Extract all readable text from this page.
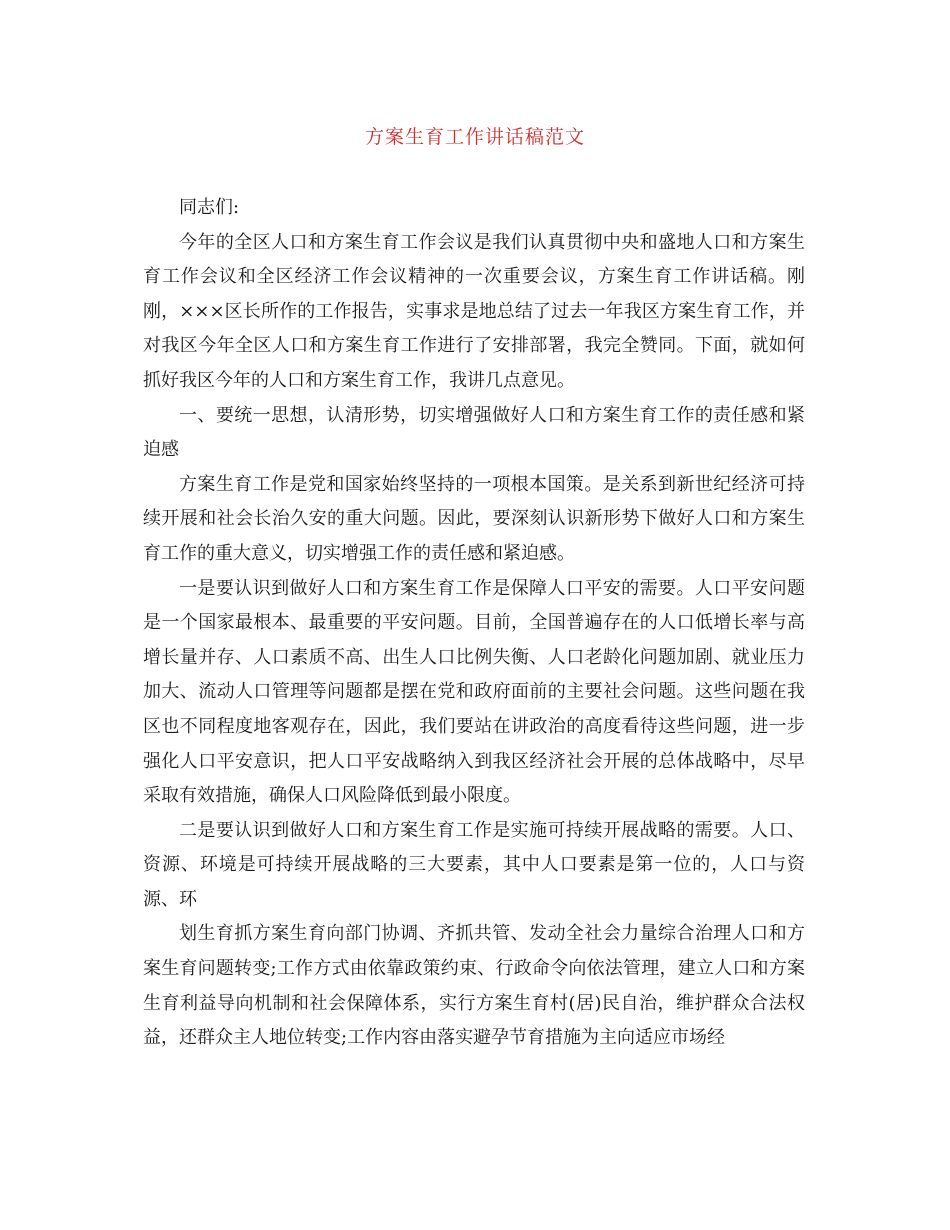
方案生育工作讲话稿范文

同志们:

今年的全区人口和方案生育工作会议是我们认真贯彻中央和盛地人口和方案生育工作会议和全区经济工作会议精神的一次重要会议，方案生育工作讲话稿。刚刚，×××区长所作的工作报告，实事求是地总结了过去一年我区方案生育工作，并对我区今年全区人口和方案生育工作进行了安排部署，我完全赞同。下面，就如何抓好我区今年的人口和方案生育工作，我讲几点意见。

一、要统一思想，认清形势，切实增强做好人口和方案生育工作的责任感和紧迫感

方案生育工作是党和国家始终坚持的一项根本国策。是关系到新世纪经济可持续开展和社会长治久安的重大问题。因此，要深刻认识新形势下做好人口和方案生育工作的重大意义，切实增强工作的责任感和紧迫感。

一是要认识到做好人口和方案生育工作是保障人口平安的需要。人口平安问题是一个国家最根本、最重要的平安问题。目前，全国普遍存在的人口低增长率与高增长量并存、人口素质不高、出生人口比例失衡、人口老龄化问题加剧、就业压力加大、流动人口管理等问题都是摆在党和政府面前的主要社会问题。这些问题在我区也不同程度地客观存在，因此，我们要站在讲政治的高度看待这些问题，进一步强化人口平安意识，把人口平安战略纳入到我区经济社会开展的总体战略中，尽早采取有效措施，确保人口风险降低到最小限度。

二是要认识到做好人口和方案生育工作是实施可持续开展战略的需要。人口、资源、环境是可持续开展战略的三大要素，其中人口要素是第一位的，人口与资源、环

划生育抓方案生育向部门协调、齐抓共管、发动全社会力量综合治理人口和方案生育问题转变;工作方式由依靠政策约束、行政命令向依法管理，建立人口和方案生育利益导向机制和社会保障体系，实行方案生育村(居)民自治，维护群众合法权益，还群众主人地位转变;工作内容由落实避孕节育措施为主向适应市场经
